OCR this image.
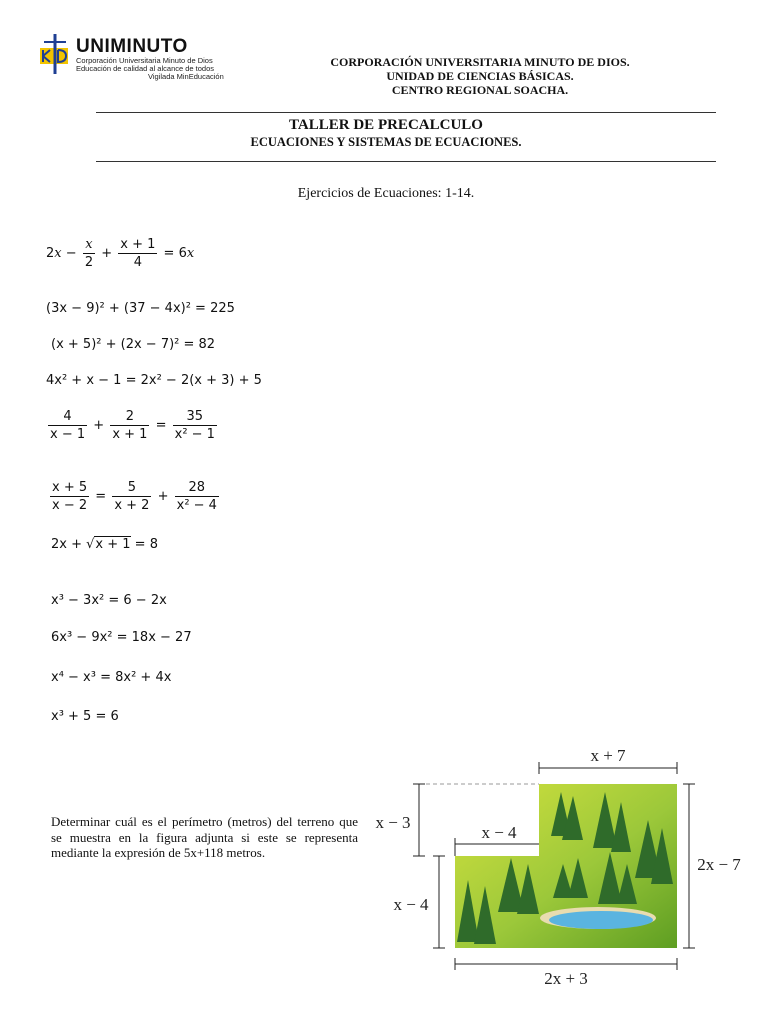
UNIMINUTO
Corporación Universitaria Minuto de Dios
Educación de calidad al alcance de todos
Vigilada MinEducación
CORPORACIÓN UNIVERSITARIA MINUTO DE DIOS.
UNIDAD DE CIENCIAS BÁSICAS.
CENTRO REGIONAL SOACHA.
TALLER DE PRECALCULO
ECUACIONES Y SISTEMAS DE ECUACIONES.
Ejercicios de Ecuaciones: 1-14.
$2x - \frac{x}{2} + \frac{x + 1}{4} = 6x$
(3x − 9)² + (37 − 4x)² = 225
(x + 5)² + (2x − 7)² = 82
4x² + x − 1 = 2x² − 2(x + 3) + 5
$\frac{4}{x - 1} + \frac{2}{x + 1} = \frac{35}{\text{x² − 1}}$
$\frac{x + 5}{x - 2} = \frac{5}{x + 2} + \frac{28}{\text{x² − 4}}$
2x + √x + 1 = 8
x³ − 3x² = 6 − 2x
6x³ − 9x² = 18x − 27
x⁴ − x³ = 8x² + 4x
x³ + 5 = 6
Determinar cuál es el perímetro (metros) del terreno que se muestra en la figura adjunta si este se representa mediante la expresión de 5x+118 metros.
x + 7
x − 3
x − 4
x − 4
2x − 7
2x + 3
